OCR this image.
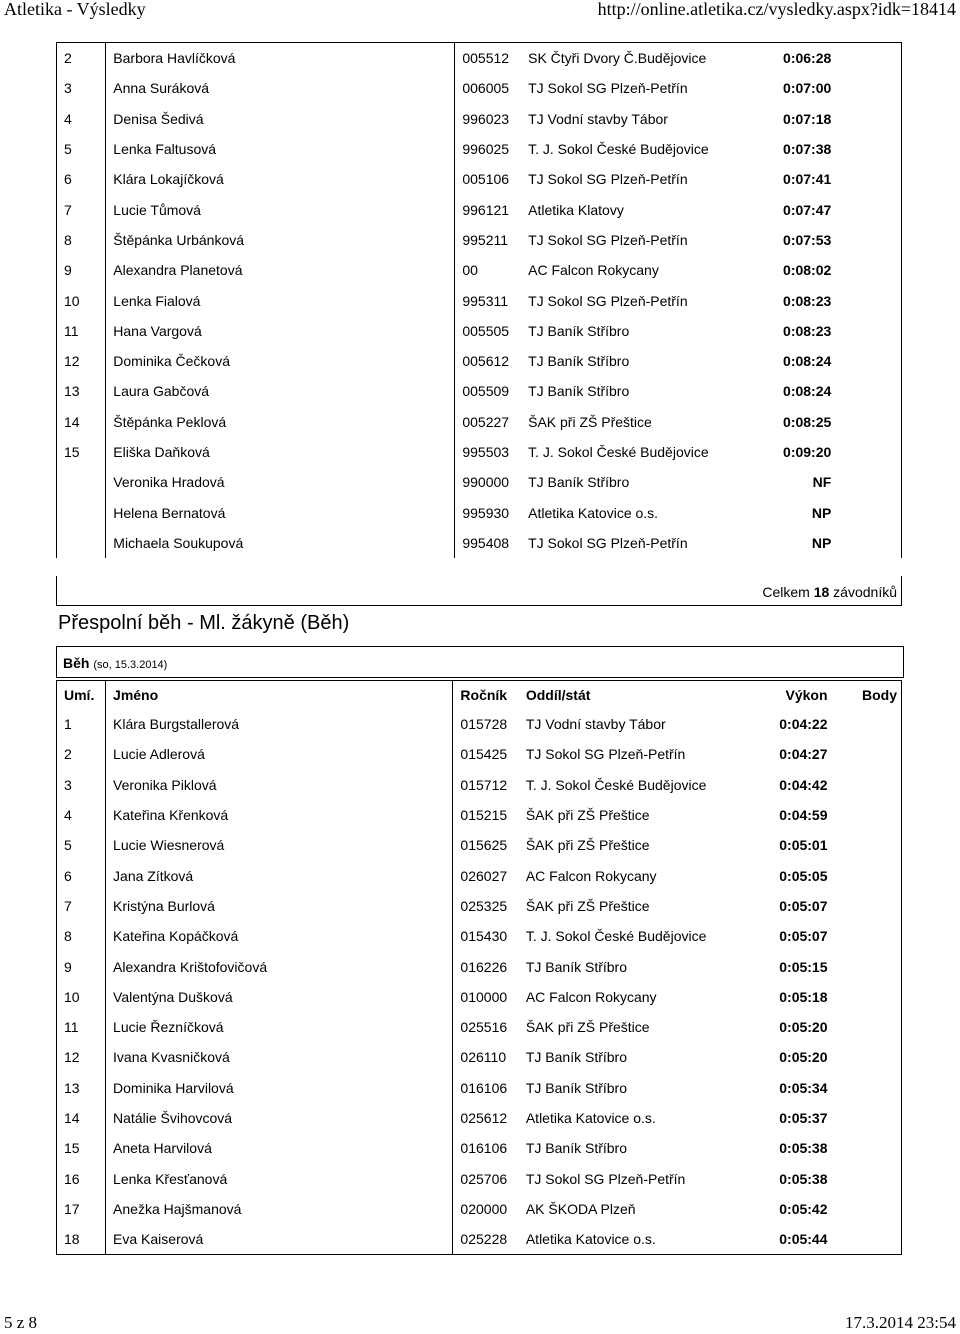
Atletika - Výsledky	http://online.atletika.cz/vysledky.aspx?idk=18414
2	Barbora Havlíčková	005512	SK Čtyři Dvory Č.Budějovice	0:06:28	
3	Anna Suráková	006005	TJ Sokol SG Plzeň-Petřín	0:07:00	
4	Denisa Šedivá	996023	TJ Vodní stavby Tábor	0:07:18	
5	Lenka Faltusová	996025	T. J. Sokol České Budějovice	0:07:38	
6	Klára Lokajíčková	005106	TJ Sokol SG Plzeň-Petřín	0:07:41	
7	Lucie Tůmová	996121	Atletika Klatovy	0:07:47	
8	Štěpánka Urbánková	995211	TJ Sokol SG Plzeň-Petřín	0:07:53	
9	Alexandra Planetová	00	AC Falcon Rokycany	0:08:02	
10	Lenka Fialová	995311	TJ Sokol SG Plzeň-Petřín	0:08:23	
11	Hana Vargová	005505	TJ Baník Stříbro	0:08:23	
12	Dominika Čečková	005612	TJ Baník Stříbro	0:08:24	
13	Laura Gabčová	005509	TJ Baník Stříbro	0:08:24	
14	Štěpánka Peklová	005227	ŠAK při ZŠ Přeštice	0:08:25	
15	Eliška Daňková	995503	T. J. Sokol České Budějovice	0:09:20	
	Veronika Hradová	990000	TJ Baník Stříbro	NF	
	Helena Bernatová	995930	Atletika Katovice o.s.	NP	
	Michaela Soukupová	995408	TJ Sokol SG Plzeň-Petřín	NP	
Celkem 18 závodníků
Přespolní běh - Ml. žákyně (Běh)
Běh (so, 15.3.2014)
Umí.	Jméno	Ročník	Oddíl/stát	Výkon	Body
1	Klára Burgstallerová	015728	TJ Vodní stavby Tábor	0:04:22	
2	Lucie Adlerová	015425	TJ Sokol SG Plzeň-Petřín	0:04:27	
3	Veronika Piklová	015712	T. J. Sokol České Budějovice	0:04:42	
4	Kateřina Křenková	015215	ŠAK při ZŠ Přeštice	0:04:59	
5	Lucie Wiesnerová	015625	ŠAK při ZŠ Přeštice	0:05:01	
6	Jana Zítková	026027	AC Falcon Rokycany	0:05:05	
7	Kristýna Burlová	025325	ŠAK při ZŠ Přeštice	0:05:07	
8	Kateřina Kopáčková	015430	T. J. Sokol České Budějovice	0:05:07	
9	Alexandra Krištofovičová	016226	TJ Baník Stříbro	0:05:15	
10	Valentýna Dušková	010000	AC Falcon Rokycany	0:05:18	
11	Lucie Řezníčková	025516	ŠAK při ZŠ Přeštice	0:05:20	
12	Ivana Kvasničková	026110	TJ Baník Stříbro	0:05:20	
13	Dominika Harvilová	016106	TJ Baník Stříbro	0:05:34	
14	Natálie Švihovcová	025612	Atletika Katovice o.s.	0:05:37	
15	Aneta Harvilová	016106	TJ Baník Stříbro	0:05:38	
16	Lenka Křesťanová	025706	TJ Sokol SG Plzeň-Petřín	0:05:38	
17	Anežka Hajšmanová	020000	AK ŠKODA Plzeň	0:05:42	
18	Eva Kaiserová	025228	Atletika Katovice o.s.	0:05:44	
5 z 8	17.3.2014 23:54
